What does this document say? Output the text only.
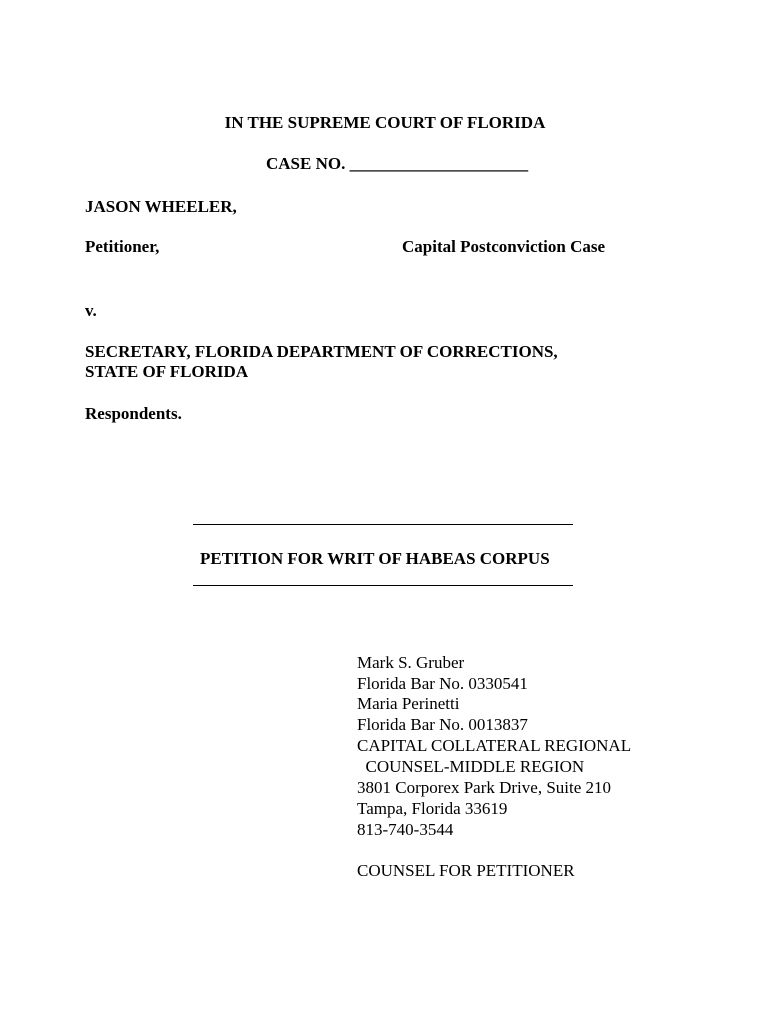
IN THE SUPREME COURT OF FLORIDA
CASE NO. _____________________
JASON WHEELER,
Petitioner,	Capital Postconviction Case
v.
SECRETARY, FLORIDA DEPARTMENT OF CORRECTIONS,
STATE OF FLORIDA
Respondents.
PETITION FOR WRIT OF HABEAS CORPUS
Mark S. Gruber
Florida Bar No. 0330541
Maria Perinetti
Florida Bar No. 0013837
CAPITAL COLLATERAL REGIONAL
COUNSEL-MIDDLE REGION
3801 Corporex Park Drive, Suite 210
Tampa, Florida 33619
813-740-3544
COUNSEL FOR PETITIONER
